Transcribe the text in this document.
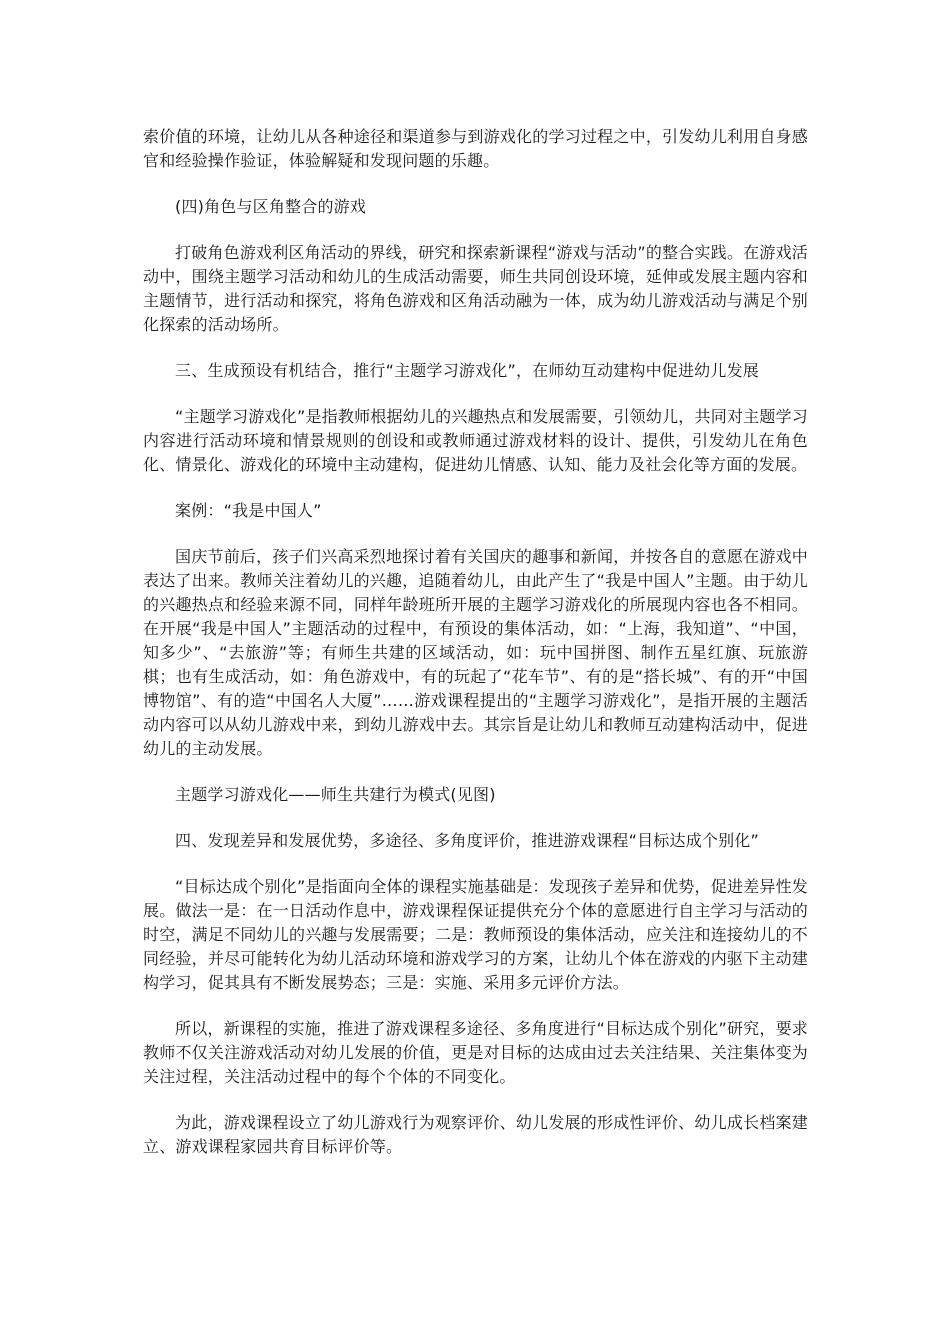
索价值的环境，让幼儿从各种途径和渠道参与到游戏化的学习过程之中，引发幼儿利用自身感官和经验操作验证，体验解疑和发现问题的乐趣。

(四)角色与区角整合的游戏

打破角色游戏利区角活动的界线，研究和探索新课程“游戏与活动”的整合实践。在游戏活动中，围绕主题学习活动和幼儿的生成活动需要，师生共同创设环境，延伸或发展主题内容和主题情节，进行活动和探究，将角色游戏和区角活动融为一体，成为幼儿游戏活动与满足个别化探索的活动场所。

三、生成预设有机结合，推行“主题学习游戏化”，在师幼互动建构中促进幼儿发展

“主题学习游戏化”是指教师根据幼儿的兴趣热点和发展需要，引领幼儿，共同对主题学习内容进行活动环境和情景规则的创设和或教师通过游戏材料的设计、提供，引发幼儿在角色化、情景化、游戏化的环境中主动建构，促进幼儿情感、认知、能力及社会化等方面的发展。

案例：“我是中国人”

国庆节前后，孩子们兴高采烈地探讨着有关国庆的趣事和新闻，并按各自的意愿在游戏中表达了出来。教师关注着幼儿的兴趣，追随着幼儿，由此产生了“我是中国人”主题。由于幼儿的兴趣热点和经验来源不同，同样年龄班所开展的主题学习游戏化的所展现内容也各不相同。在开展“我是中国人”主题活动的过程中，有预设的集体活动，如：“上海，我知道”、“中国，知多少”、“去旅游”等；有师生共建的区域活动，如：玩中国拼图、制作五星红旗、玩旅游棋；也有生成活动，如：角色游戏中，有的玩起了“花车节”、有的是“搭长城”、有的开“中国博物馆”、有的造“中国名人大厦”……游戏课程提出的“主题学习游戏化”，是指开展的主题活动内容可以从幼儿游戏中来，到幼儿游戏中去。其宗旨是让幼儿和教师互动建构活动中，促进幼儿的主动发展。

主题学习游戏化——师生共建行为模式(见图)

四、发现差异和发展优势，多途径、多角度评价，推进游戏课程“目标达成个别化”

“目标达成个别化”是指面向全体的课程实施基础是：发现孩子差异和优势，促进差异性发展。做法一是：在一日活动作息中，游戏课程保证提供充分个体的意愿进行自主学习与活动的时空，满足不同幼儿的兴趣与发展需要；二是：教师预设的集体活动，应关注和连接幼儿的不同经验，并尽可能转化为幼儿活动环境和游戏学习的方案，让幼儿个体在游戏的内驱下主动建构学习，促其具有不断发展势态；三是：实施、采用多元评价方法。

所以，新课程的实施，推进了游戏课程多途径、多角度进行“目标达成个别化”研究，要求教师不仅关注游戏活动对幼儿发展的价值，更是对目标的达成由过去关注结果、关注集体变为关注过程，关注活动过程中的每个个体的不同变化。

为此，游戏课程设立了幼儿游戏行为观察评价、幼儿发展的形成性评价、幼儿成长档案建立、游戏课程家园共育目标评价等。
